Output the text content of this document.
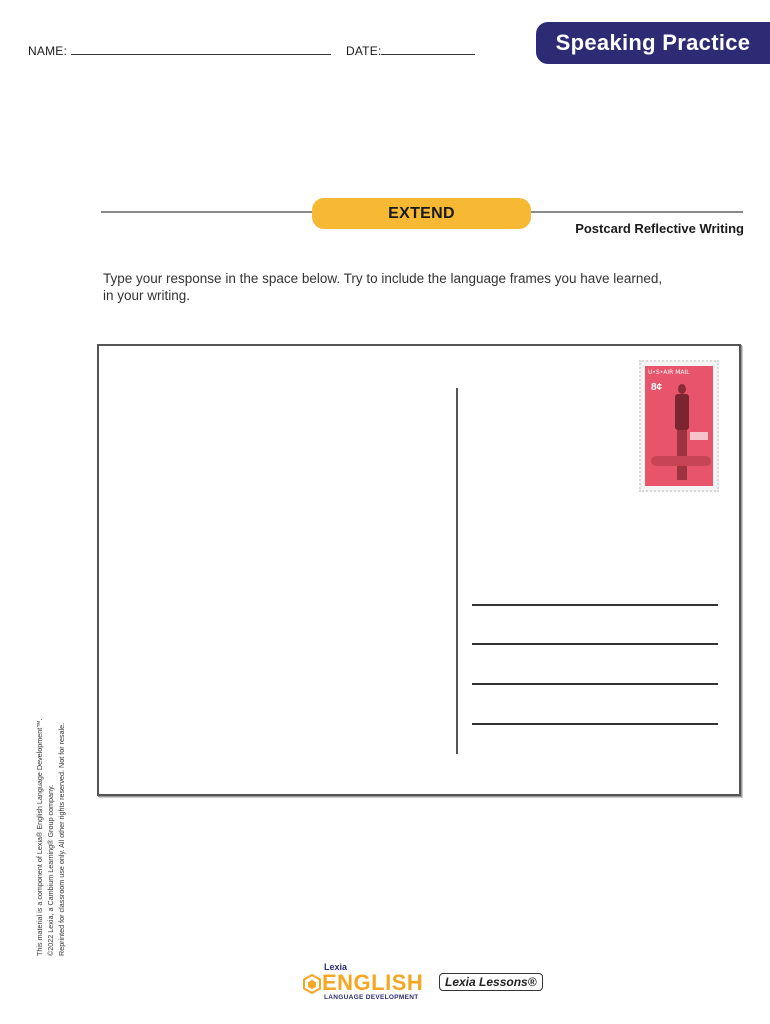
NAME:	DATE:	Speaking Practice
EXTEND
Postcard Reflective Writing
Type your response in the space below. Try to include the language frames you have learned, in your writing.
U•S•AIR MAIL
8¢
This material is a component of Lexia® English Language Development™. ©2022 Lexia, a Cambium Learning® Group company. Reprinted for classroom use only. All other rights reserved. Not for resale.
Lexia
ENGLISH
LANGUAGE DEVELOPMENT
Lexia Lessons®
